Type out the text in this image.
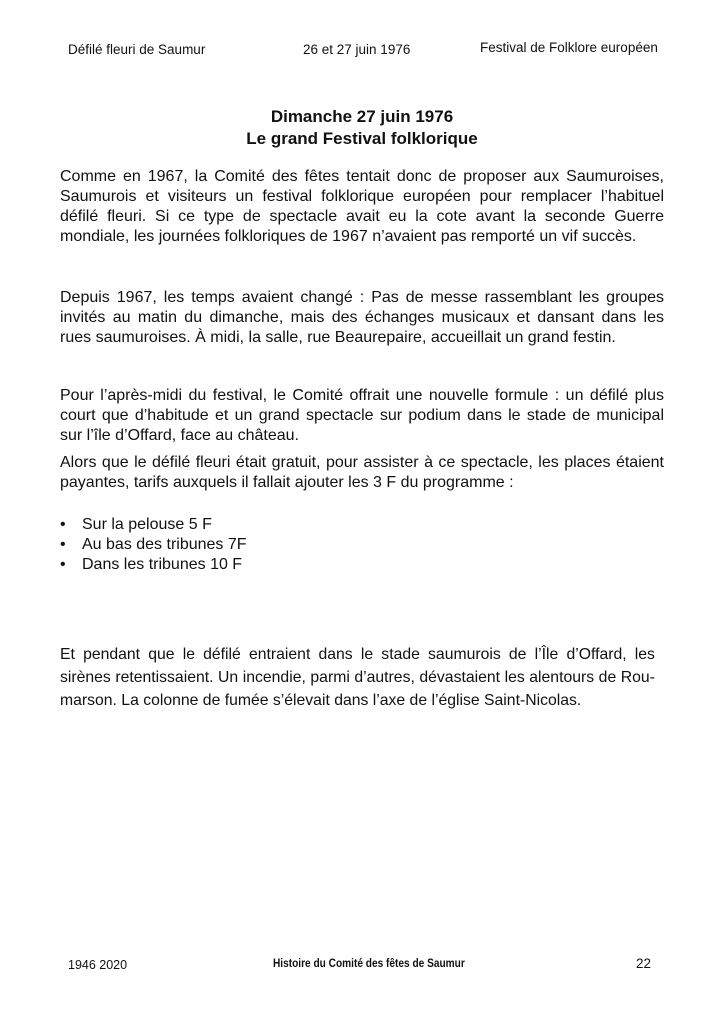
Défilé fleuri de Saumur	26 et 27 juin 1976	Festival de Folklore européen
Dimanche 27 juin 1976
Le grand Festival folklorique

Comme en 1967, la Comité des fêtes tentait donc de proposer aux Saumuroises, Saumurois et visiteurs un festival folklorique européen pour remplacer l’habituel défilé fleuri. Si ce type de spectacle avait eu la cote avant la seconde Guerre mondiale, les journées folkloriques de 1967 n’avaient pas remporté un vif succès.

Depuis 1967, les temps avaient changé : Pas de messe rassemblant les groupes invités au matin du dimanche, mais des échanges musicaux et dansant dans les rues saumuroises. À midi, la salle, rue Beaurepaire, accueillait un grand festin.

Pour l’après-midi du festival, le Comité offrait une nouvelle formule : un défilé plus court que d’habitude et un grand spectacle sur podium dans le stade de municipal sur l’île d’Offard, face au château.

Alors que le défilé fleuri était gratuit, pour assister à ce spectacle, les places étaient payantes, tarifs auxquels il fallait ajouter les 3 F du programme :

• Sur la pelouse 5 F
• Au bas des tribunes 7F
• Dans les tribunes 10 F

Et pendant que le défilé entraient dans le stade saumurois de l’Île d’Offard, les sirènes retentissaient. Un incendie, parmi d’autres, dévastaient les alentours de Rou-marson. La colonne de fumée s’élevait dans l’axe de l’église Saint-Nicolas.

1946 2020	Histoire du Comité des fêtes de Saumur	22
